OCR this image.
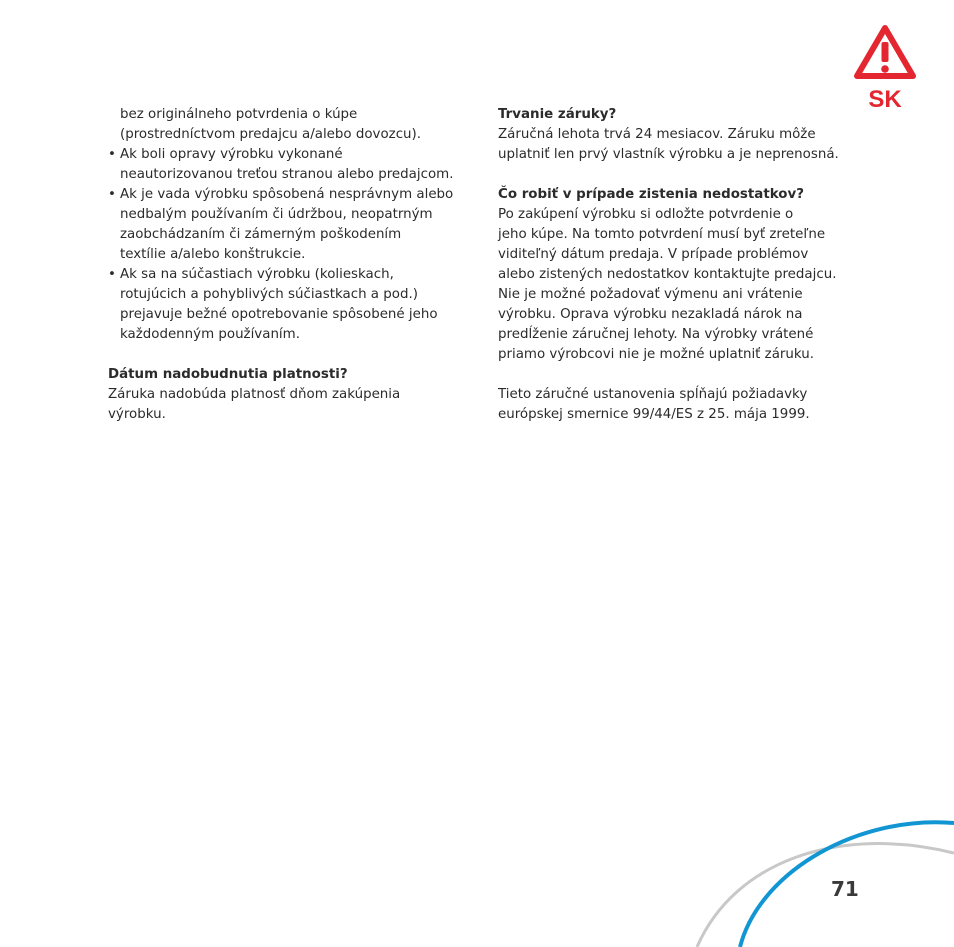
SK
bez originálneho potvrdenia o kúpe
(prostredníctvom predajcu a/alebo dovozcu).
• Ak boli opravy výrobku vykonané
neautorizovanou treťou stranou alebo predajcom.
• Ak je vada výrobku spôsobená nesprávnym alebo
nedbalým používaním či údržbou, neopatrným
zaobchádzaním či zámerným poškodením
textílie a/alebo konštrukcie.
• Ak sa na súčastiach výrobku (kolieskach,
rotujúcich a pohyblivých súčiastkach a pod.)
prejavuje bežné opotrebovanie spôsobené jeho
každodenným používaním.
Dátum nadobudnutia platnosti?
Záruka nadobúda platnosť dňom zakúpenia
výrobku.
Trvanie záruky?
Záručná lehota trvá 24 mesiacov. Záruku môže
uplatniť len prvý vlastník výrobku a je neprenosná.
Čo robiť v prípade zistenia nedostatkov?
Po zakúpení výrobku si odložte potvrdenie o
jeho kúpe. Na tomto potvrdení musí byť zreteľne
viditeľný dátum predaja. V prípade problémov
alebo zistených nedostatkov kontaktujte predajcu.
Nie je možné požadovať výmenu ani vrátenie
výrobku. Oprava výrobku nezakladá nárok na
predĺženie záručnej lehoty. Na výrobky vrátené
priamo výrobcovi nie je možné uplatniť záruku.
Tieto záručné ustanovenia spĺňajú požiadavky
európskej smernice 99/44/ES z 25. mája 1999.
71
